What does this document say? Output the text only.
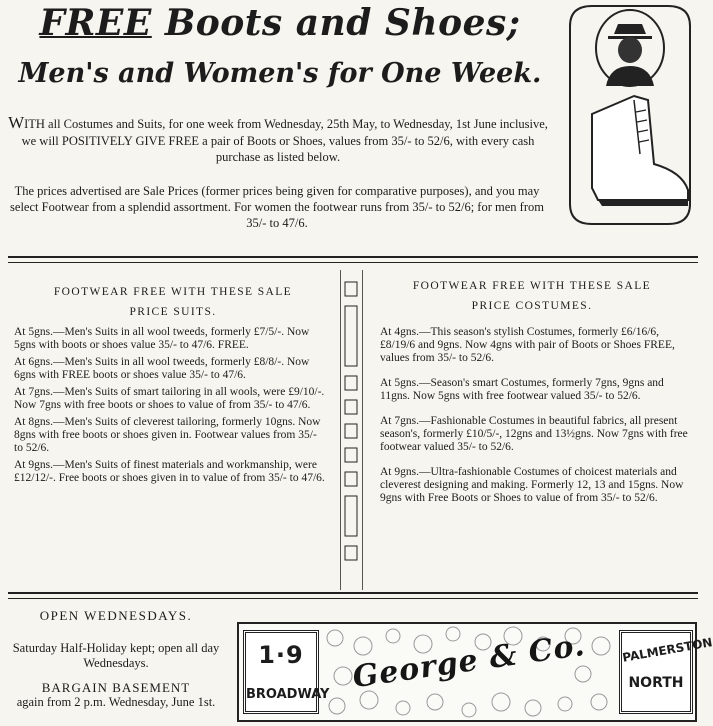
FREE Boots and Shoes;
Men's and Women's for One Week.
WITH all Costumes and Suits, for one week from Wednesday, 25th May, to Wednesday, 1st June inclusive, we will POSITIVELY GIVE FREE a pair of Boots or Shoes, values from 35/- to 52/6, with every cash purchase as listed below.
The prices advertised are Sale Prices (former prices being given for comparative purposes), and you may select Footwear from a splendid assortment. For women the footwear runs from 35/- to 52/6; for men from 35/- to 47/6.
FOOTWEAR FREE WITH THESE SALE
PRICE SUITS.
At 5gns.—Men's Suits in all wool tweeds, formerly £7/5/-. Now 5gns with boots or shoes value 35/- to 47/6. FREE.
At 6gns.—Men's Suits in all wool tweeds, formerly £8/8/-. Now 6gns with FREE boots or shoes value 35/- to 47/6.
At 7gns.—Men's Suits of smart tailoring in all wools, were £9/10/-. Now 7gns with free boots or shoes to value of from 35/- to 47/6.
At 8gns.—Men's Suits of cleverest tailoring, formerly 10gns. Now 8gns with free boots or shoes given in. Footwear values from 35/- to 52/6.
At 9gns.—Men's Suits of finest materials and workmanship, were £12/12/-. Free boots or shoes given in to value of from 35/- to 47/6.
FOOTWEAR FREE WITH THESE SALE
PRICE COSTUMES.
At 4gns.—This season's stylish Costumes, formerly £6/16/6, £8/19/6 and 9gns. Now 4gns with pair of Boots or Shoes FREE, values from 35/- to 52/6.
At 5gns.—Season's smart Costumes, formerly 7gns, 9gns and 11gns. Now 5gns with free footwear valued 35/- to 52/6.
At 7gns.—Fashionable Costumes in beautiful fabrics, all present season's, formerly £10/5/-, 12gns and 13½gns. Now 7gns with free footwear valued 35/- to 52/6.
At 9gns.—Ultra-fashionable Costumes of choicest materials and cleverest designing and making. Formerly 12, 13 and 15gns. Now 9gns with Free Boots or Shoes to value of from 35/- to 52/6.
OPEN WEDNESDAYS.
Saturday Half-Holiday kept; open all day Wednesdays.
BARGAIN BASEMENT
again from 2 p.m. Wednesday, June 1st.
1·9
BROADWAY George & Co.	PALMERSTON
NORTH
